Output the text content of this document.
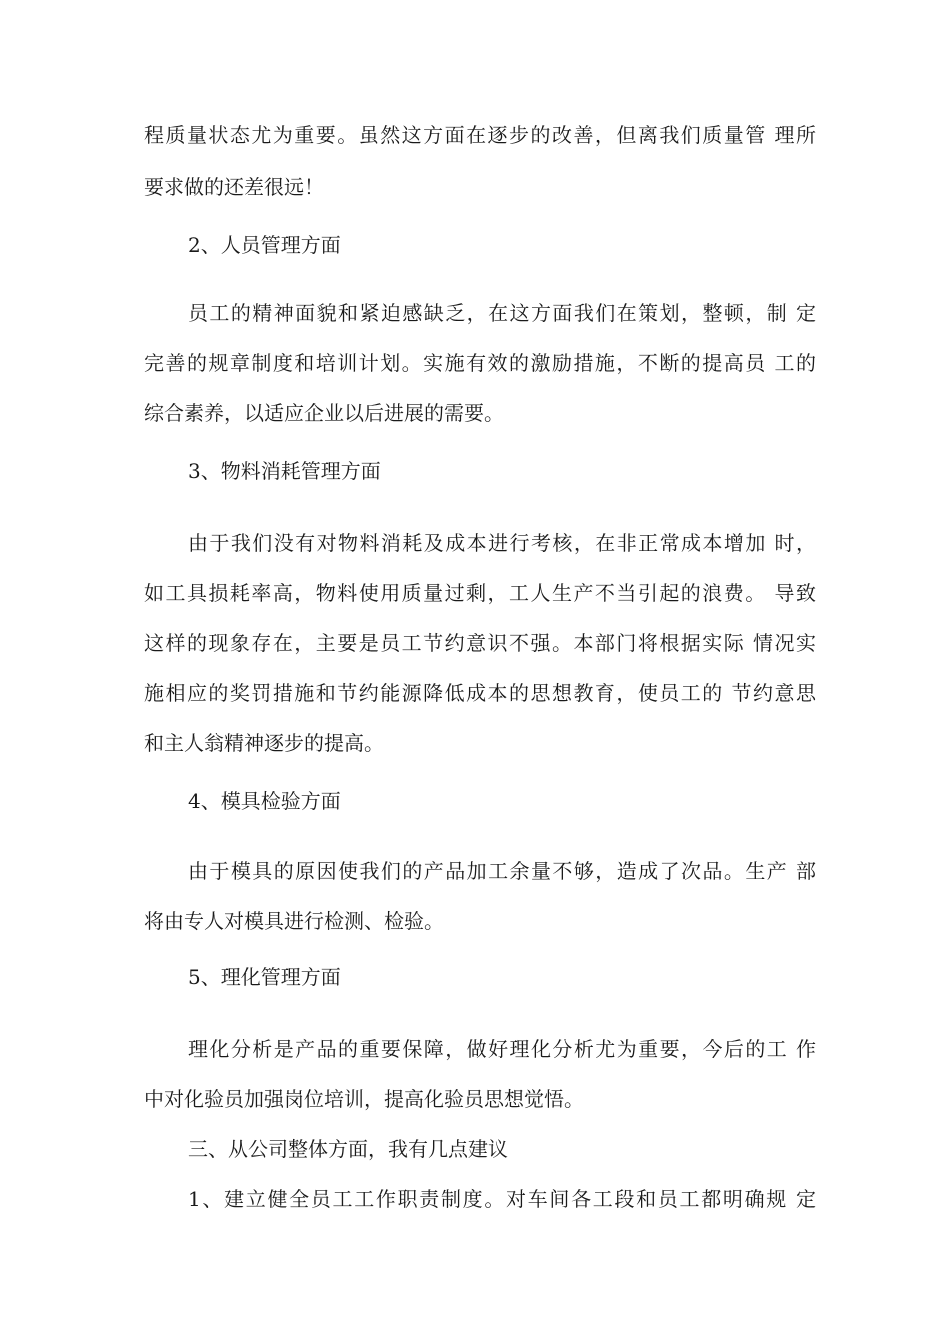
程质量状态尤为重要。虽然这方面在逐步的改善，但离我们质量管 理所
要求做的还差很远！
2、人员管理方面
员工的精神面貌和紧迫感缺乏，在这方面我们在策划，整顿，制 定
完善的规章制度和培训计划。实施有效的激励措施，不断的提高员 工的
综合素养，以适应企业以后进展的需要。
3、物料消耗管理方面
由于我们没有对物料消耗及成本进行考核，在非正常成本增加 时，
如工具损耗率高，物料使用质量过剩，工人生产不当引起的浪费。 导致
这样的现象存在，主要是员工节约意识不强。本部门将根据实际 情况实
施相应的奖罚措施和节约能源降低成本的思想教育，使员工的 节约意思
和主人翁精神逐步的提高。
4、模具检验方面
由于模具的原因使我们的产品加工余量不够，造成了次品。生产 部
将由专人对模具进行检测、检验。
5、理化管理方面
理化分析是产品的重要保障，做好理化分析尤为重要，今后的工 作
中对化验员加强岗位培训，提高化验员思想觉悟。
三、从公司整体方面，我有几点建议
1、建立健全员工工作职责制度。对车间各工段和员工都明确规 定
